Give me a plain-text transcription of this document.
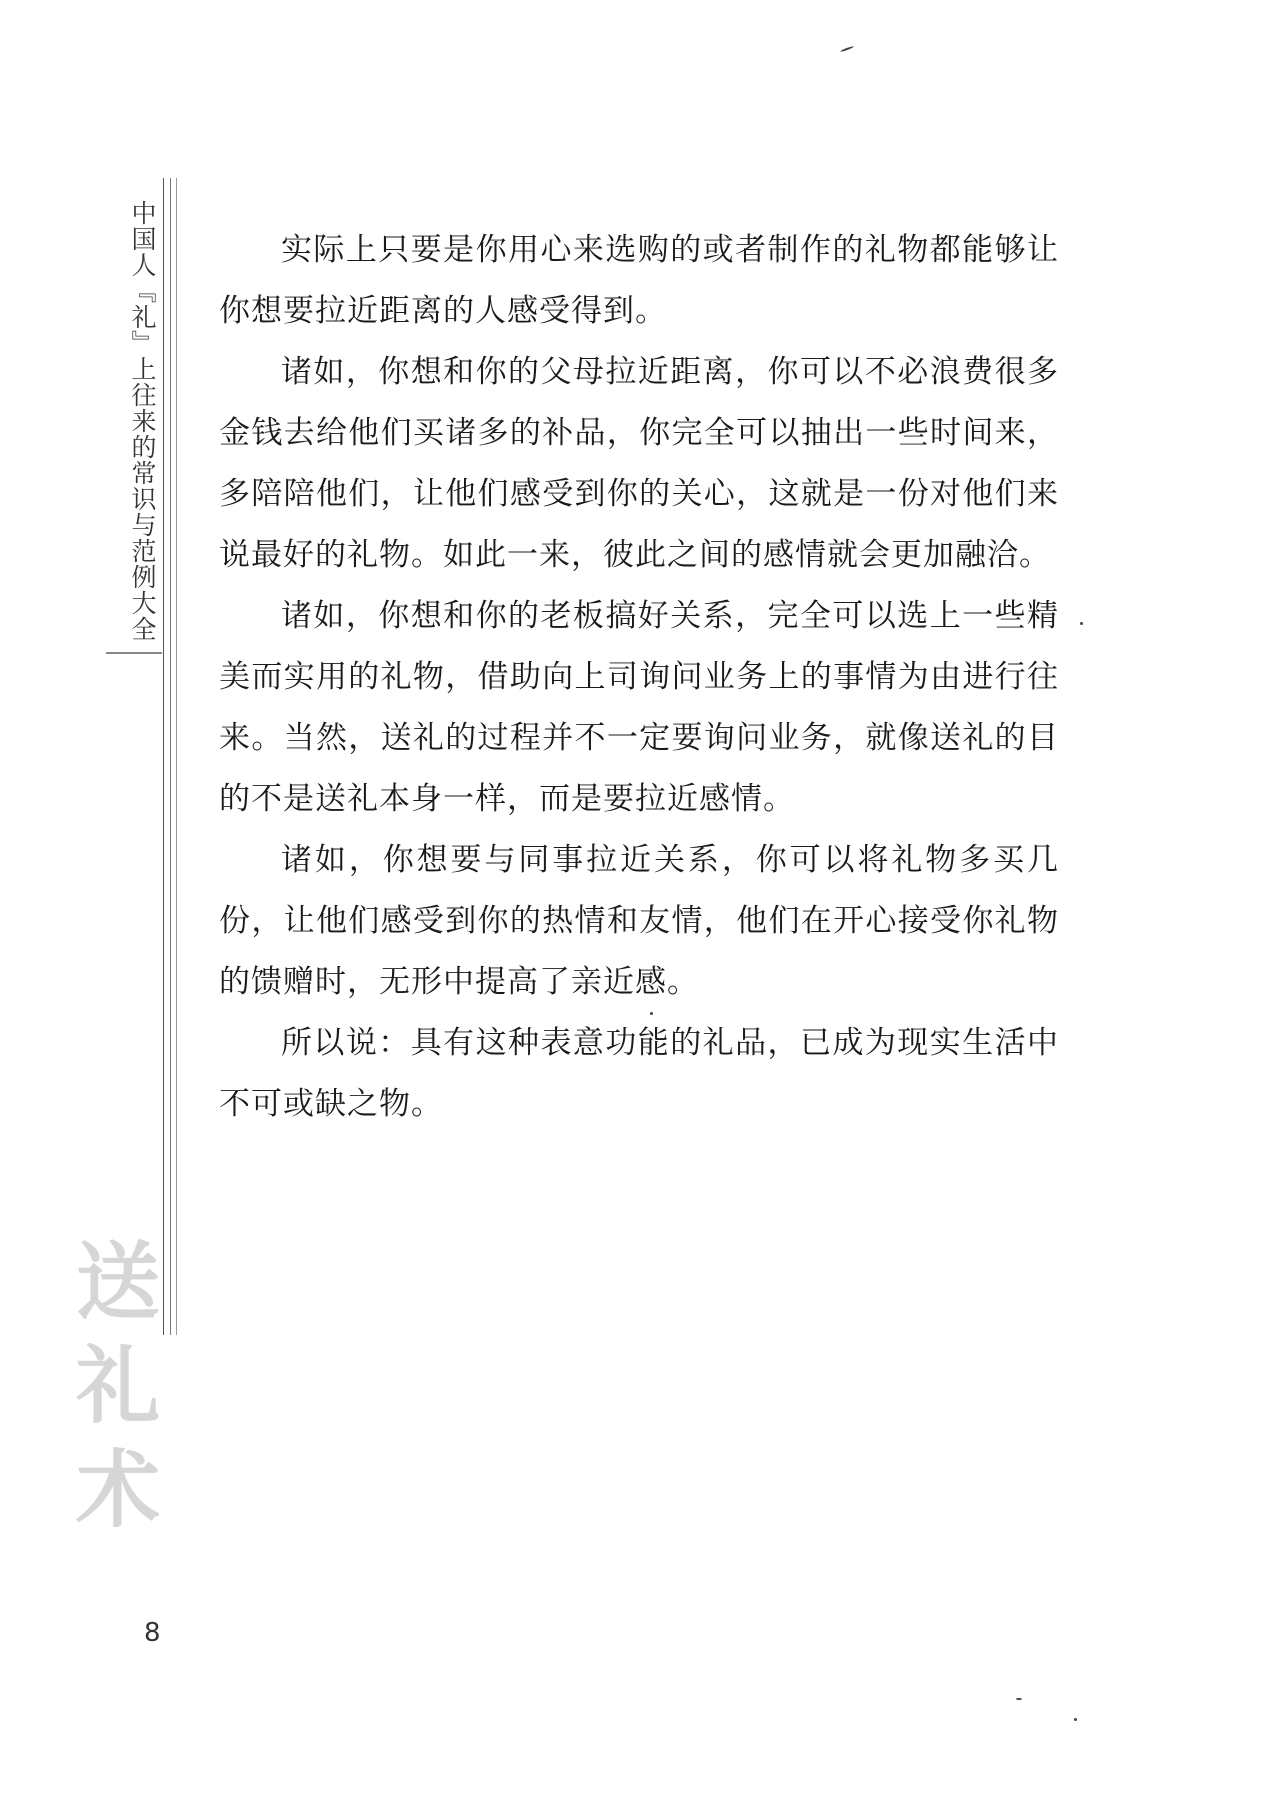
中国人『礼』上往来的常识与范例大全
送
礼
术

实际上只要是你用心来选购的或者制作的礼物都能够让你想要拉近距离的人感受得到。

诸如，你想和你的父母拉近距离，你可以不必浪费很多金钱去给他们买诸多的补品，你完全可以抽出一些时间来，多陪陪他们，让他们感受到你的关心，这就是一份对他们来说最好的礼物。如此一来，彼此之间的感情就会更加融洽。

诸如，你想和你的老板搞好关系，完全可以选上一些精美而实用的礼物，借助向上司询问业务上的事情为由进行往来。当然，送礼的过程并不一定要询问业务，就像送礼的目的不是送礼本身一样，而是要拉近感情。

诸如，你想要与同事拉近关系，你可以将礼物多买几份，让他们感受到你的热情和友情，他们在开心接受你礼物的馈赠时，无形中提高了亲近感。

所以说：具有这种表意功能的礼品，已成为现实生活中不可或缺之物。

8
